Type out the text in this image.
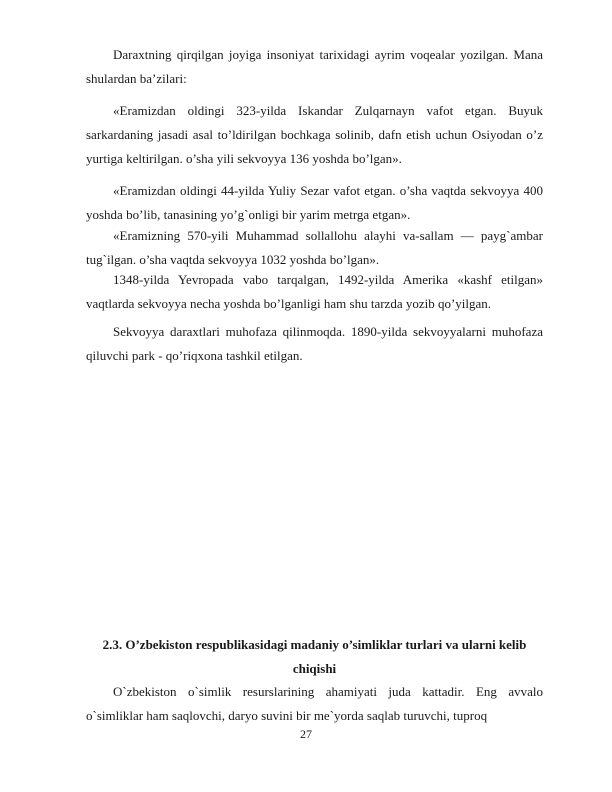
Daraxtning qirqilgan joyiga insoniyat tarixidagi ayrim voqealar yozilgan. Mana shulardan ba’zilari:

«Eramizdan oldingi 323-yilda Iskandar Zulqarnayn vafot etgan. Buyuk sarkardaning jasadi asal to’ldirilgan bochkaga solinib, dafn etish uchun Osiyodan o’z yurtiga keltirilgan. o’sha yili sekvoyya 136 yoshda bo’lgan».

«Eramizdan oldingi 44-yilda Yuliy Sezar vafot etgan. o’sha vaqtda sekvoyya 400 yoshda bo’lib, tanasining yo’g`onligi bir yarim metrga etgan».

«Eramizning 570-yili Muhammad sollallohu alayhi va-sallam — payg`ambar tug`ilgan. o’sha vaqtda sekvoyya 1032 yoshda bo’lgan».

1348-yilda Yevropada vabo tarqalgan, 1492-yilda Amerika «kashf etilgan» vaqtlarda sekvoyya necha yoshda bo’lganligi ham shu tarzda yozib qo’yilgan.

Sekvoyya daraxtlari muhofaza qilinmoqda. 1890-yilda sekvoyyalarni muhofaza qiluvchi park - qo’riqxona tashkil etilgan.

2.3. O’zbekiston respublikasidagi madaniy o’simliklar turlari va ularni kelib chiqishi

O`zbekiston o`simlik resurslarining ahamiyati juda kattadir. Eng avvalo o`simliklar ham saqlovchi, daryo suvini bir me`yorda saqlab turuvchi, tuproq

27
